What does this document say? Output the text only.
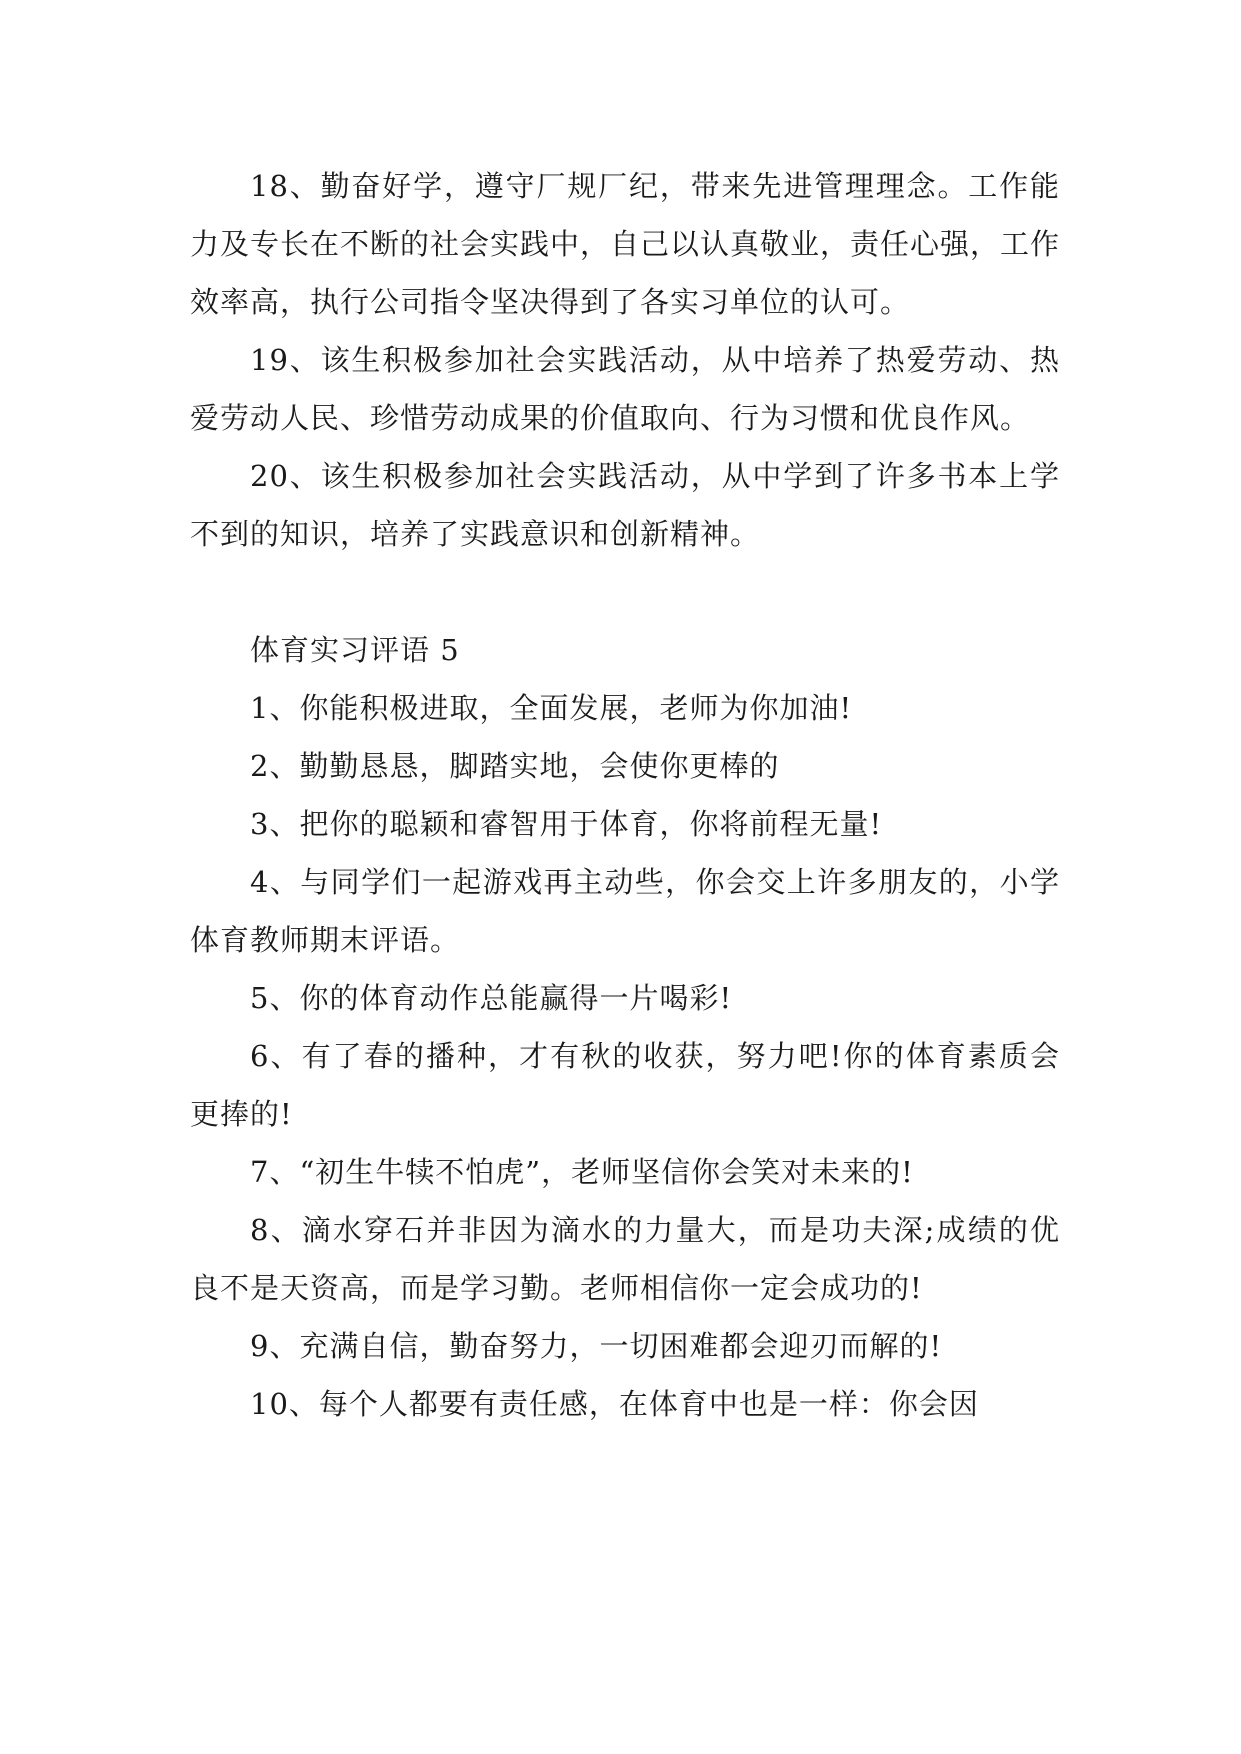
18、勤奋好学，遵守厂规厂纪，带来先进管理理念。工作能力及专长在不断的社会实践中，自己以认真敬业，责任心强，工作效率高，执行公司指令坚决得到了各实习单位的认可。

19、该生积极参加社会实践活动，从中培养了热爱劳动、热爱劳动人民、珍惜劳动成果的价值取向、行为习惯和优良作风。

20、该生积极参加社会实践活动，从中学到了许多书本上学不到的知识，培养了实践意识和创新精神。

体育实习评语 5

1、你能积极进取，全面发展，老师为你加油!

2、勤勤恳恳，脚踏实地，会使你更棒的

3、把你的聪颖和睿智用于体育，你将前程无量!

4、与同学们一起游戏再主动些，你会交上许多朋友的，小学体育教师期末评语。

5、你的体育动作总能赢得一片喝彩!

6、有了春的播种，才有秋的收获，努力吧!你的体育素质会更捧的!

7、“初生牛犊不怕虎”，老师坚信你会笑对未来的!

8、滴水穿石并非因为滴水的力量大，而是功夫深;成绩的优良不是天资高，而是学习勤。老师相信你一定会成功的!

9、充满自信，勤奋努力，一切困难都会迎刃而解的!

10、每个人都要有责任感，在体育中也是一样：你会因
